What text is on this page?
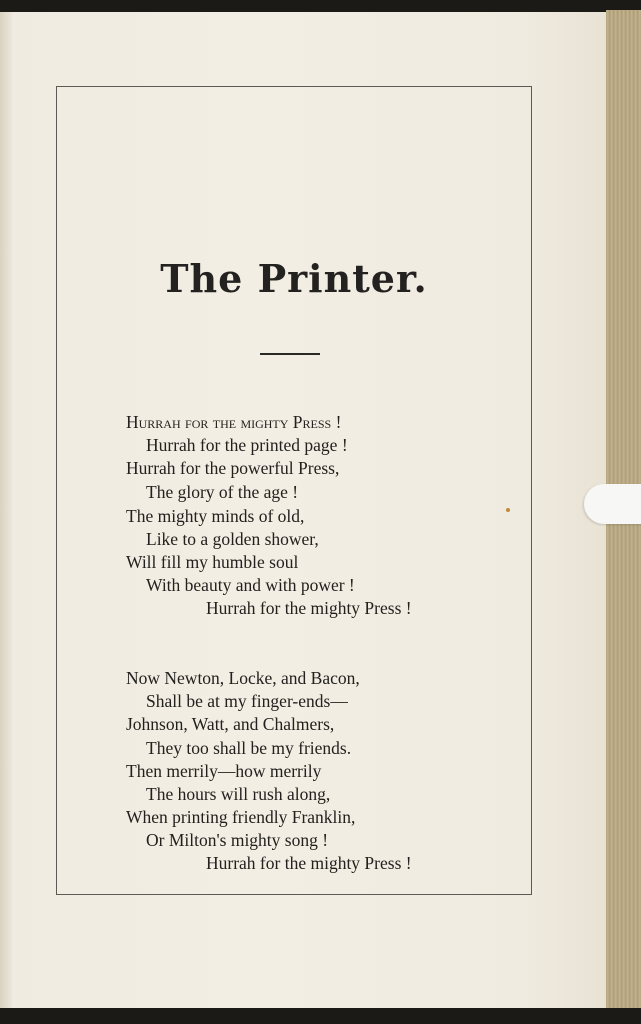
The Printer.
Hurrah for the mighty Press !
Hurrah for the printed page !
Hurrah for the powerful Press,
The glory of the age !
The mighty minds of old,
Like to a golden shower,
Will fill my humble soul
With beauty and with power !
Hurrah for the mighty Press !
Now Newton, Locke, and Bacon,
Shall be at my finger-ends—
Johnson, Watt, and Chalmers,
They too shall be my friends.
Then merrily—how merrily
The hours will rush along,
When printing friendly Franklin,
Or Milton's mighty song !
Hurrah for the mighty Press !
